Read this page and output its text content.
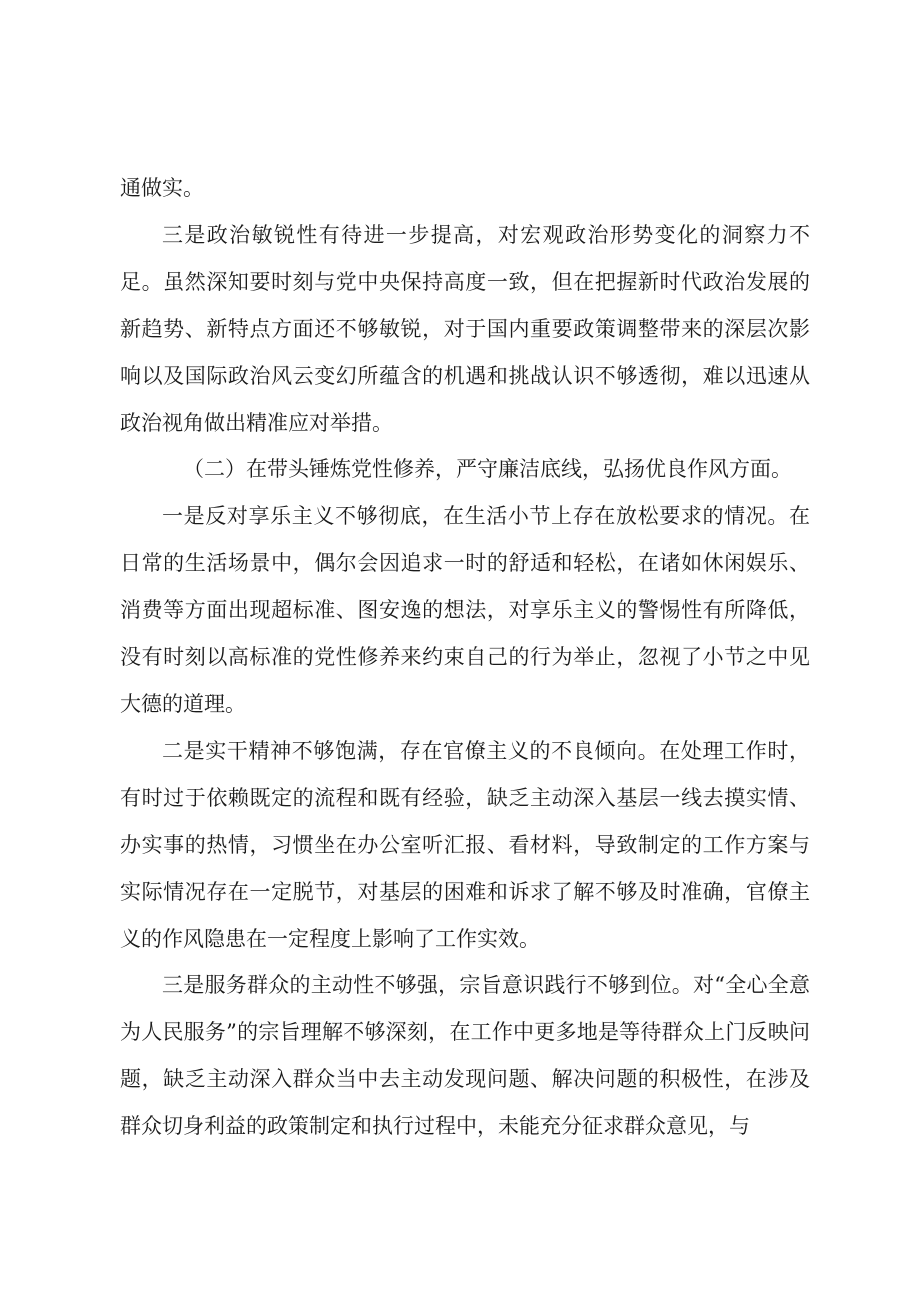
通做实。

三是政治敏锐性有待进一步提高，对宏观政治形势变化的洞察力不足。虽然深知要时刻与党中央保持高度一致，但在把握新时代政治发展的新趋势、新特点方面还不够敏锐，对于国内重要政策调整带来的深层次影响以及国际政治风云变幻所蕴含的机遇和挑战认识不够透彻，难以迅速从政治视角做出精准应对举措。

（二）在带头锤炼党性修养，严守廉洁底线，弘扬优良作风方面。

一是反对享乐主义不够彻底，在生活小节上存在放松要求的情况。在日常的生活场景中，偶尔会因追求一时的舒适和轻松，在诸如休闲娱乐、消费等方面出现超标准、图安逸的想法，对享乐主义的警惕性有所降低，没有时刻以高标准的党性修养来约束自己的行为举止，忽视了小节之中见大德的道理。

二是实干精神不够饱满，存在官僚主义的不良倾向。在处理工作时，有时过于依赖既定的流程和既有经验，缺乏主动深入基层一线去摸实情、办实事的热情，习惯坐在办公室听汇报、看材料，导致制定的工作方案与实际情况存在一定脱节，对基层的困难和诉求了解不够及时准确，官僚主义的作风隐患在一定程度上影响了工作实效。

三是服务群众的主动性不够强，宗旨意识践行不够到位。对“全心全意为人民服务”的宗旨理解不够深刻，在工作中更多地是等待群众上门反映问题，缺乏主动深入群众当中去主动发现问题、解决问题的积极性，在涉及群众切身利益的政策制定和执行过程中，未能充分征求群众意见，与
